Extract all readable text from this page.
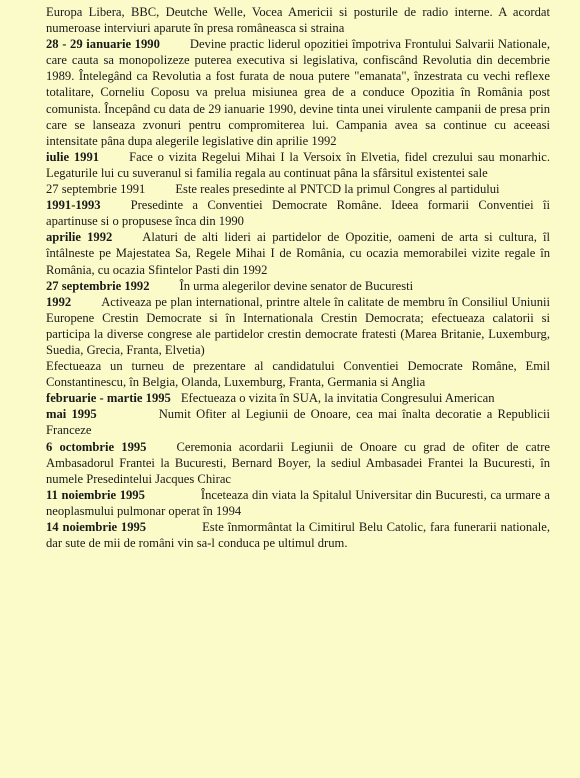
Europa Libera, BBC, Deutche Welle, Vocea Americii si posturile de radio interne. A acordat numeroase interviuri aparute în presa româneasca si straina

28 - 29 ianuarie 1990 Devine practic liderul opozitiei împotriva Frontului Salvarii Nationale, care cauta sa monopolizeze puterea executiva si legislativa, confiscând Revolutia din decembrie 1989. Întelegând ca Revolutia a fost furata de noua putere "emanata", înzestrata cu vechi reflexe totalitare, Corneliu Coposu va prelua misiunea grea de a conduce Opozitia în România post comunista. Începând cu data de 29 ianuarie 1990, devine tinta unei virulente campanii de presa prin care se lanseaza zvonuri pentru compromiterea lui. Campania avea sa continue cu aceeasi intensitate pâna dupa alegerile legislative din aprilie 1992

iulie 1991 Face o vizita Regelui Mihai I la Versoix în Elvetia, fidel crezului sau monarhic. Legaturile lui cu suveranul si familia regala au continuat pâna la sfârsitul existentei sale

27 septembrie 1991 Este reales presedinte al PNTCD la primul Congres al partidului

1991-1993 Presedinte a Conventiei Democrate Române. Ideea formarii Conventiei îi apartinuse si o propusese înca din 1990

aprilie 1992 Alaturi de alti lideri ai partidelor de Opozitie, oameni de arta si cultura, îl întâlneste pe Majestatea Sa, Regele Mihai I de România, cu ocazia memorabilei vizite regale în România, cu ocazia Sfintelor Pasti din 1992

27 septembrie 1992 În urma alegerilor devine senator de Bucuresti

1992 Activeaza pe plan international, printre altele în calitate de membru în Consiliul Uniunii Europene Crestin Democrate si în Internationala Crestin Democrata; efectueaza calatorii si participa la diverse congrese ale partidelor crestin democrate fratesti (Marea Britanie, Luxemburg, Suedia, Grecia, Franta, Elvetia)

Efectueaza un turneu de prezentare al candidatului Conventiei Democrate Române, Emil Constantinescu, în Belgia, Olanda, Luxemburg, Franta, Germania si Anglia

februarie - martie 1995 Efectueaza o vizita în SUA, la invitatia Congresului American

mai 1995	Numit Ofiter al Legiunii de Onoare, cea mai înalta decoratie a Republicii Franceze

6 octombrie 1995 Ceremonia acordarii Legiunii de Onoare cu grad de ofiter de catre Ambasadorul Frantei la Bucuresti, Bernard Boyer, la sediul Ambasadei Frantei la Bucuresti, în numele Presedintelui Jacques Chirac

11 noiembrie 1995	Înceteaza din viata la Spitalul Universitar din Bucuresti, ca urmare a neoplasmului pulmonar operat în 1994

14 noiembrie 1995	Este înmormântat la Cimitirul Belu Catolic, fara funerarii nationale, dar sute de mii de români vin sa-l conduca pe ultimul drum.
